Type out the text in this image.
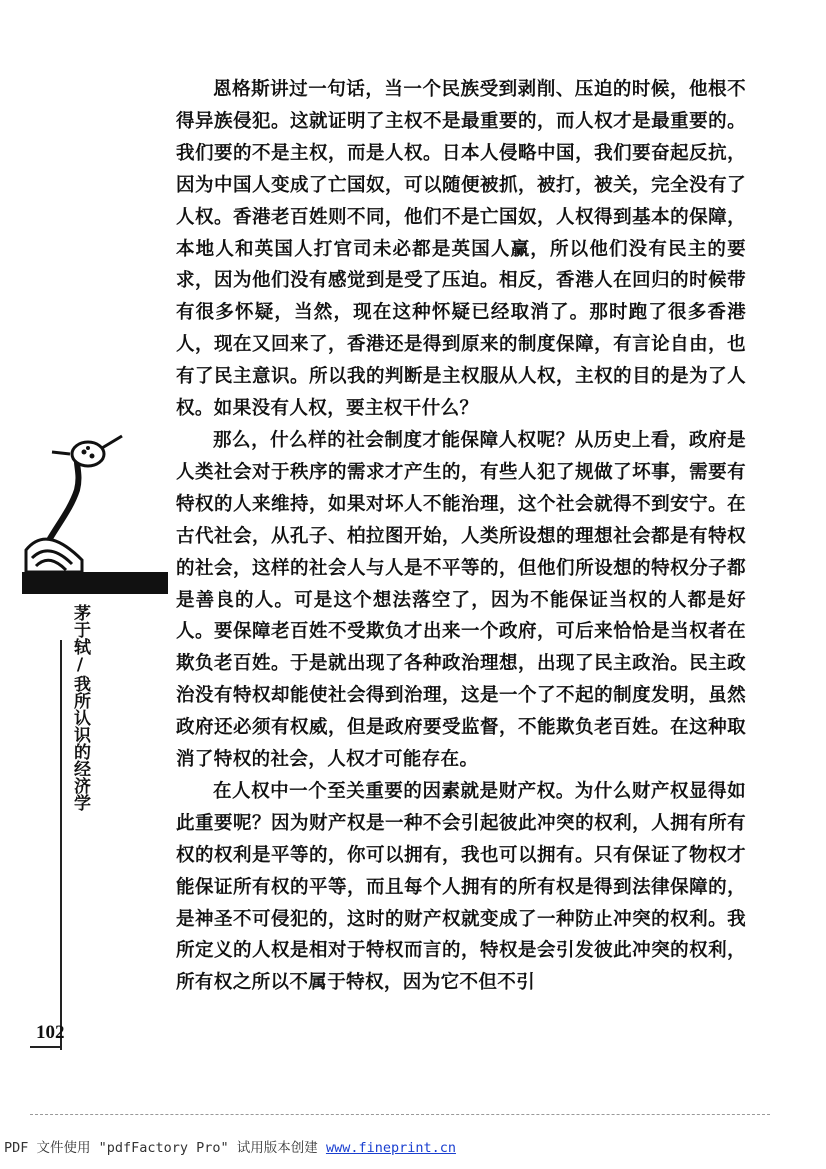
恩格斯讲过一句话，当一个民族受到剥削、压迫的时候，他根不得异族侵犯。这就证明了主权不是最重要的，而人权才是最重要的。我们要的不是主权，而是人权。日本人侵略中国，我们要奋起反抗，因为中国人变成了亡国奴，可以随便被抓，被打，被关，完全没有了人权。香港老百姓则不同，他们不是亡国奴，人权得到基本的保障，本地人和英国人打官司未必都是英国人赢，所以他们没有民主的要求，因为他们没有感觉到是受了压迫。相反，香港人在回归的时候带有很多怀疑，当然，现在这种怀疑已经取消了。那时跑了很多香港人，现在又回来了，香港还是得到原来的制度保障，有言论自由，也有了民主意识。所以我的判断是主权服从人权，主权的目的是为了人权。如果没有人权，要主权干什么？

那么，什么样的社会制度才能保障人权呢？从历史上看，政府是人类社会对于秩序的需求才产生的，有些人犯了规做了坏事，需要有特权的人来维持，如果对坏人不能治理，这个社会就得不到安宁。在古代社会，从孔子、柏拉图开始，人类所设想的理想社会都是有特权的社会，这样的社会人与人是不平等的，但他们所设想的特权分子都是善良的人。可是这个想法落空了，因为不能保证当权的人都是好人。要保障老百姓不受欺负才出来一个政府，可后来恰恰是当权者在欺负老百姓。于是就出现了各种政治理想，出现了民主政治。民主政治没有特权却能使社会得到治理，这是一个了不起的制度发明，虽然政府还必须有权威，但是政府要受监督，不能欺负老百姓。在这种取消了特权的社会，人权才可能存在。

在人权中一个至关重要的因素就是财产权。为什么财产权显得如此重要呢？因为财产权是一种不会引起彼此冲突的权利，人拥有所有权的权利是平等的，你可以拥有，我也可以拥有。只有保证了物权才能保证所有权的平等，而且每个人拥有的所有权是得到法律保障的，是神圣不可侵犯的，这时的财产权就变成了一种防止冲突的权利。我所定义的人权是相对于特权而言的，特权是会引发彼此冲突的权利，所有权之所以不属于特权，因为它不但不引

茅于轼/我所认识的经济学
102
PDF 文件使用 "pdfFactory Pro" 试用版本创建 www.fineprint.cn
